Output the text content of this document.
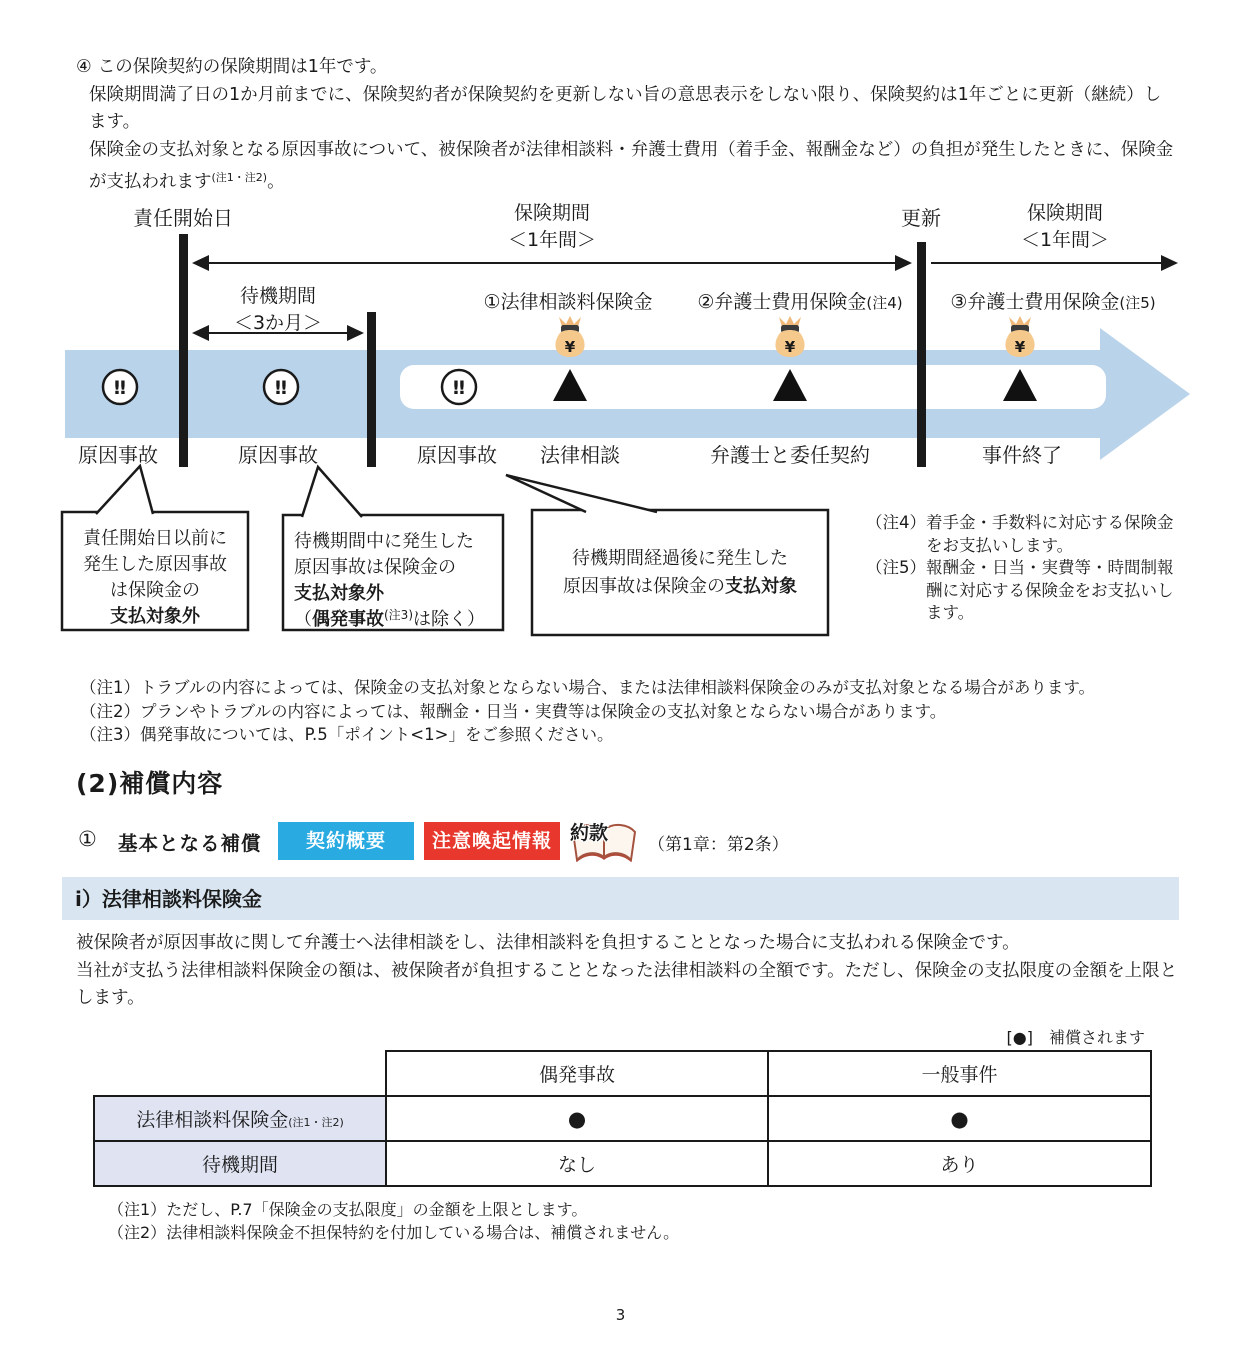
④ この保険契約の保険期間は1年です。
保険期間満了日の1か月前までに、保険契約者が保険契約を更新しない旨の意思表示をしない限り、保険契約は1年ごとに更新（継続）します。
保険金の支払対象となる原因事故について、被保険者が法律相談料・弁護士費用（着手金、報酬金など）の負担が発生したときに、保険金が支払われます$^{(注1・注2)}$。
責任開始日	保険期間
＜1年間＞
更新	保険期間
＜1年間＞
待機期間
＜3か月＞
①法律相談料保険金 ②弁護士費用保険金(注4)	③弁護士費用保険金(注5)
¥	¥	¥
‼	‼	‼
原因事故	原因事故	原因事故 法律相談	弁護士と委任契約	事件終了
責任開始日以前に
発生した原因事故
は保険金の
支払対象外
待機期間中に発生した
原因事故は保険金の
支払対象外
（偶発事故$^{(注3)}$は除く）
待機期間経過後に発生した
原因事故は保険金の支払対象
（注4） 着手金・手数料に対応する保険金をお支払いします。
（注5） 報酬金・日当・実費等・時間制報酬に対応する保険金をお支払いします。
（注1） トラブルの内容によっては、保険金の支払対象とならない場合、または法律相談料保険金のみが支払対象となる場合があります。
（注2） プランやトラブルの内容によっては、報酬金・日当・実費等は保険金の支払対象とならない場合があります。
（注3） 偶発事故については、P.5「ポイント<1>」をご参照ください。
(2)補償内容
① 基本となる補償	契約概要	注意喚起情報 約款
（第1章：第2条）
ⅰ）法律相談料保険金
被保険者が原因事故に関して弁護士へ法律相談をし、法律相談料を負担することとなった場合に支払われる保険金です。
当社が支払う法律相談料保険金の額は、被保険者が負担することとなった法律相談料の全額です。ただし、保険金の支払限度の金額を上限とします。
[●]　補償されます
	偶発事故	一般事件
法律相談料保険金(注1・注2)	●	●
待機期間	なし	あり
（注1） ただし、P.7「保険金の支払限度」の金額を上限とします。
（注2） 法律相談料保険金不担保特約を付加している場合は、補償されません。
3
